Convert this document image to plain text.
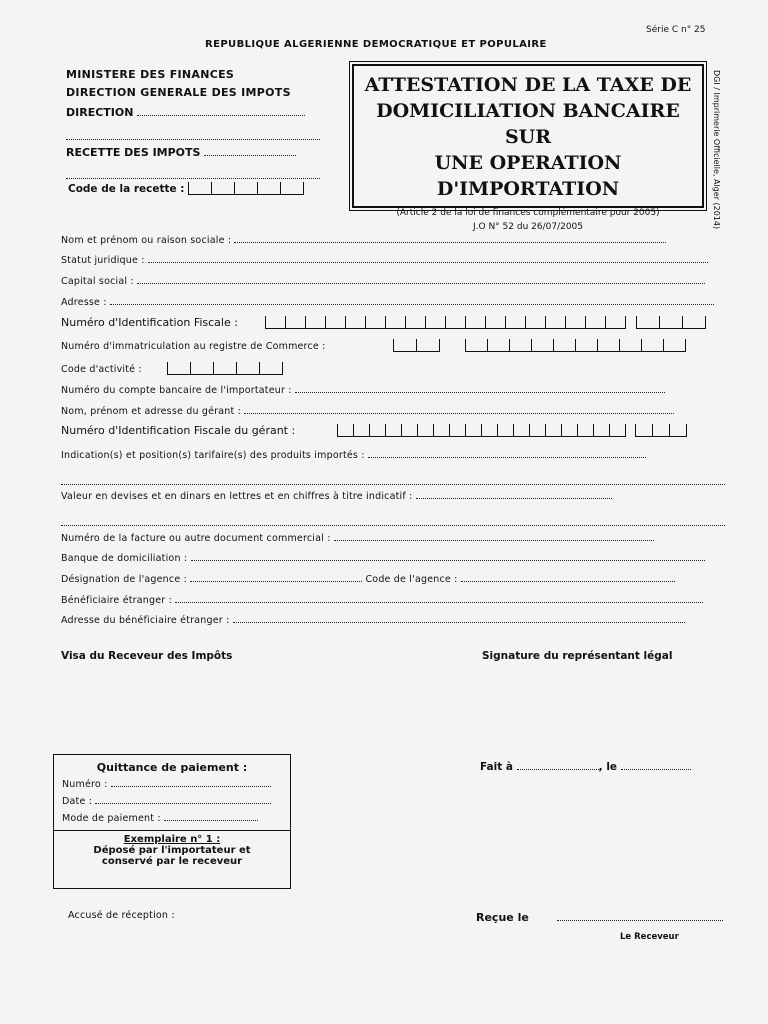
Série C n° 25
REPUBLIQUE ALGERIENNE DEMOCRATIQUE ET POPULAIRE
MINISTERE DES FINANCES
DIRECTION GENERALE DES IMPOTS
DIRECTION
RECETTE DES IMPOTS
Code de la recette :
ATTESTATION DE LA TAXE DE
DOMICILIATION BANCAIRE SUR
UNE OPERATION D'IMPORTATION
(Article 2 de la loi de finances complémentaire pour 2005)
J.O N° 52 du 26/07/2005	DGI / Imprimerie Officielle, Alger (2014)
Nom et prénom ou raison sociale :
Statut juridique :
Capital social :
Adresse :
Numéro d'Identification Fiscale :

Numéro d'immatriculation au registre de Commerce :

Code d'activité :
Numéro du compte bancaire de l'importateur :
Nom, prénom et adresse du gérant :
Numéro d'Identification Fiscale du gérant :

Indication(s) et position(s) tarifaire(s) des produits importés :
Valeur en devises et en dinars en lettres et en chiffres à titre indicatif :
Numéro de la facture ou autre document commercial :
Banque de domiciliation :
Désignation de l'agence :	Code de l'agence :
Bénéficiaire étranger :
Adresse du bénéficiaire étranger :
Visa du Receveur des Impôts	Signature du représentant légal
Quittance de paiement :
Numéro :
Date :
Mode de paiement :
Exemplaire n° 1 :
Déposé par l'importateur et
conservé par le receveur
Fait à	, le
Accusé de réception :	Reçue le
Le Receveur
